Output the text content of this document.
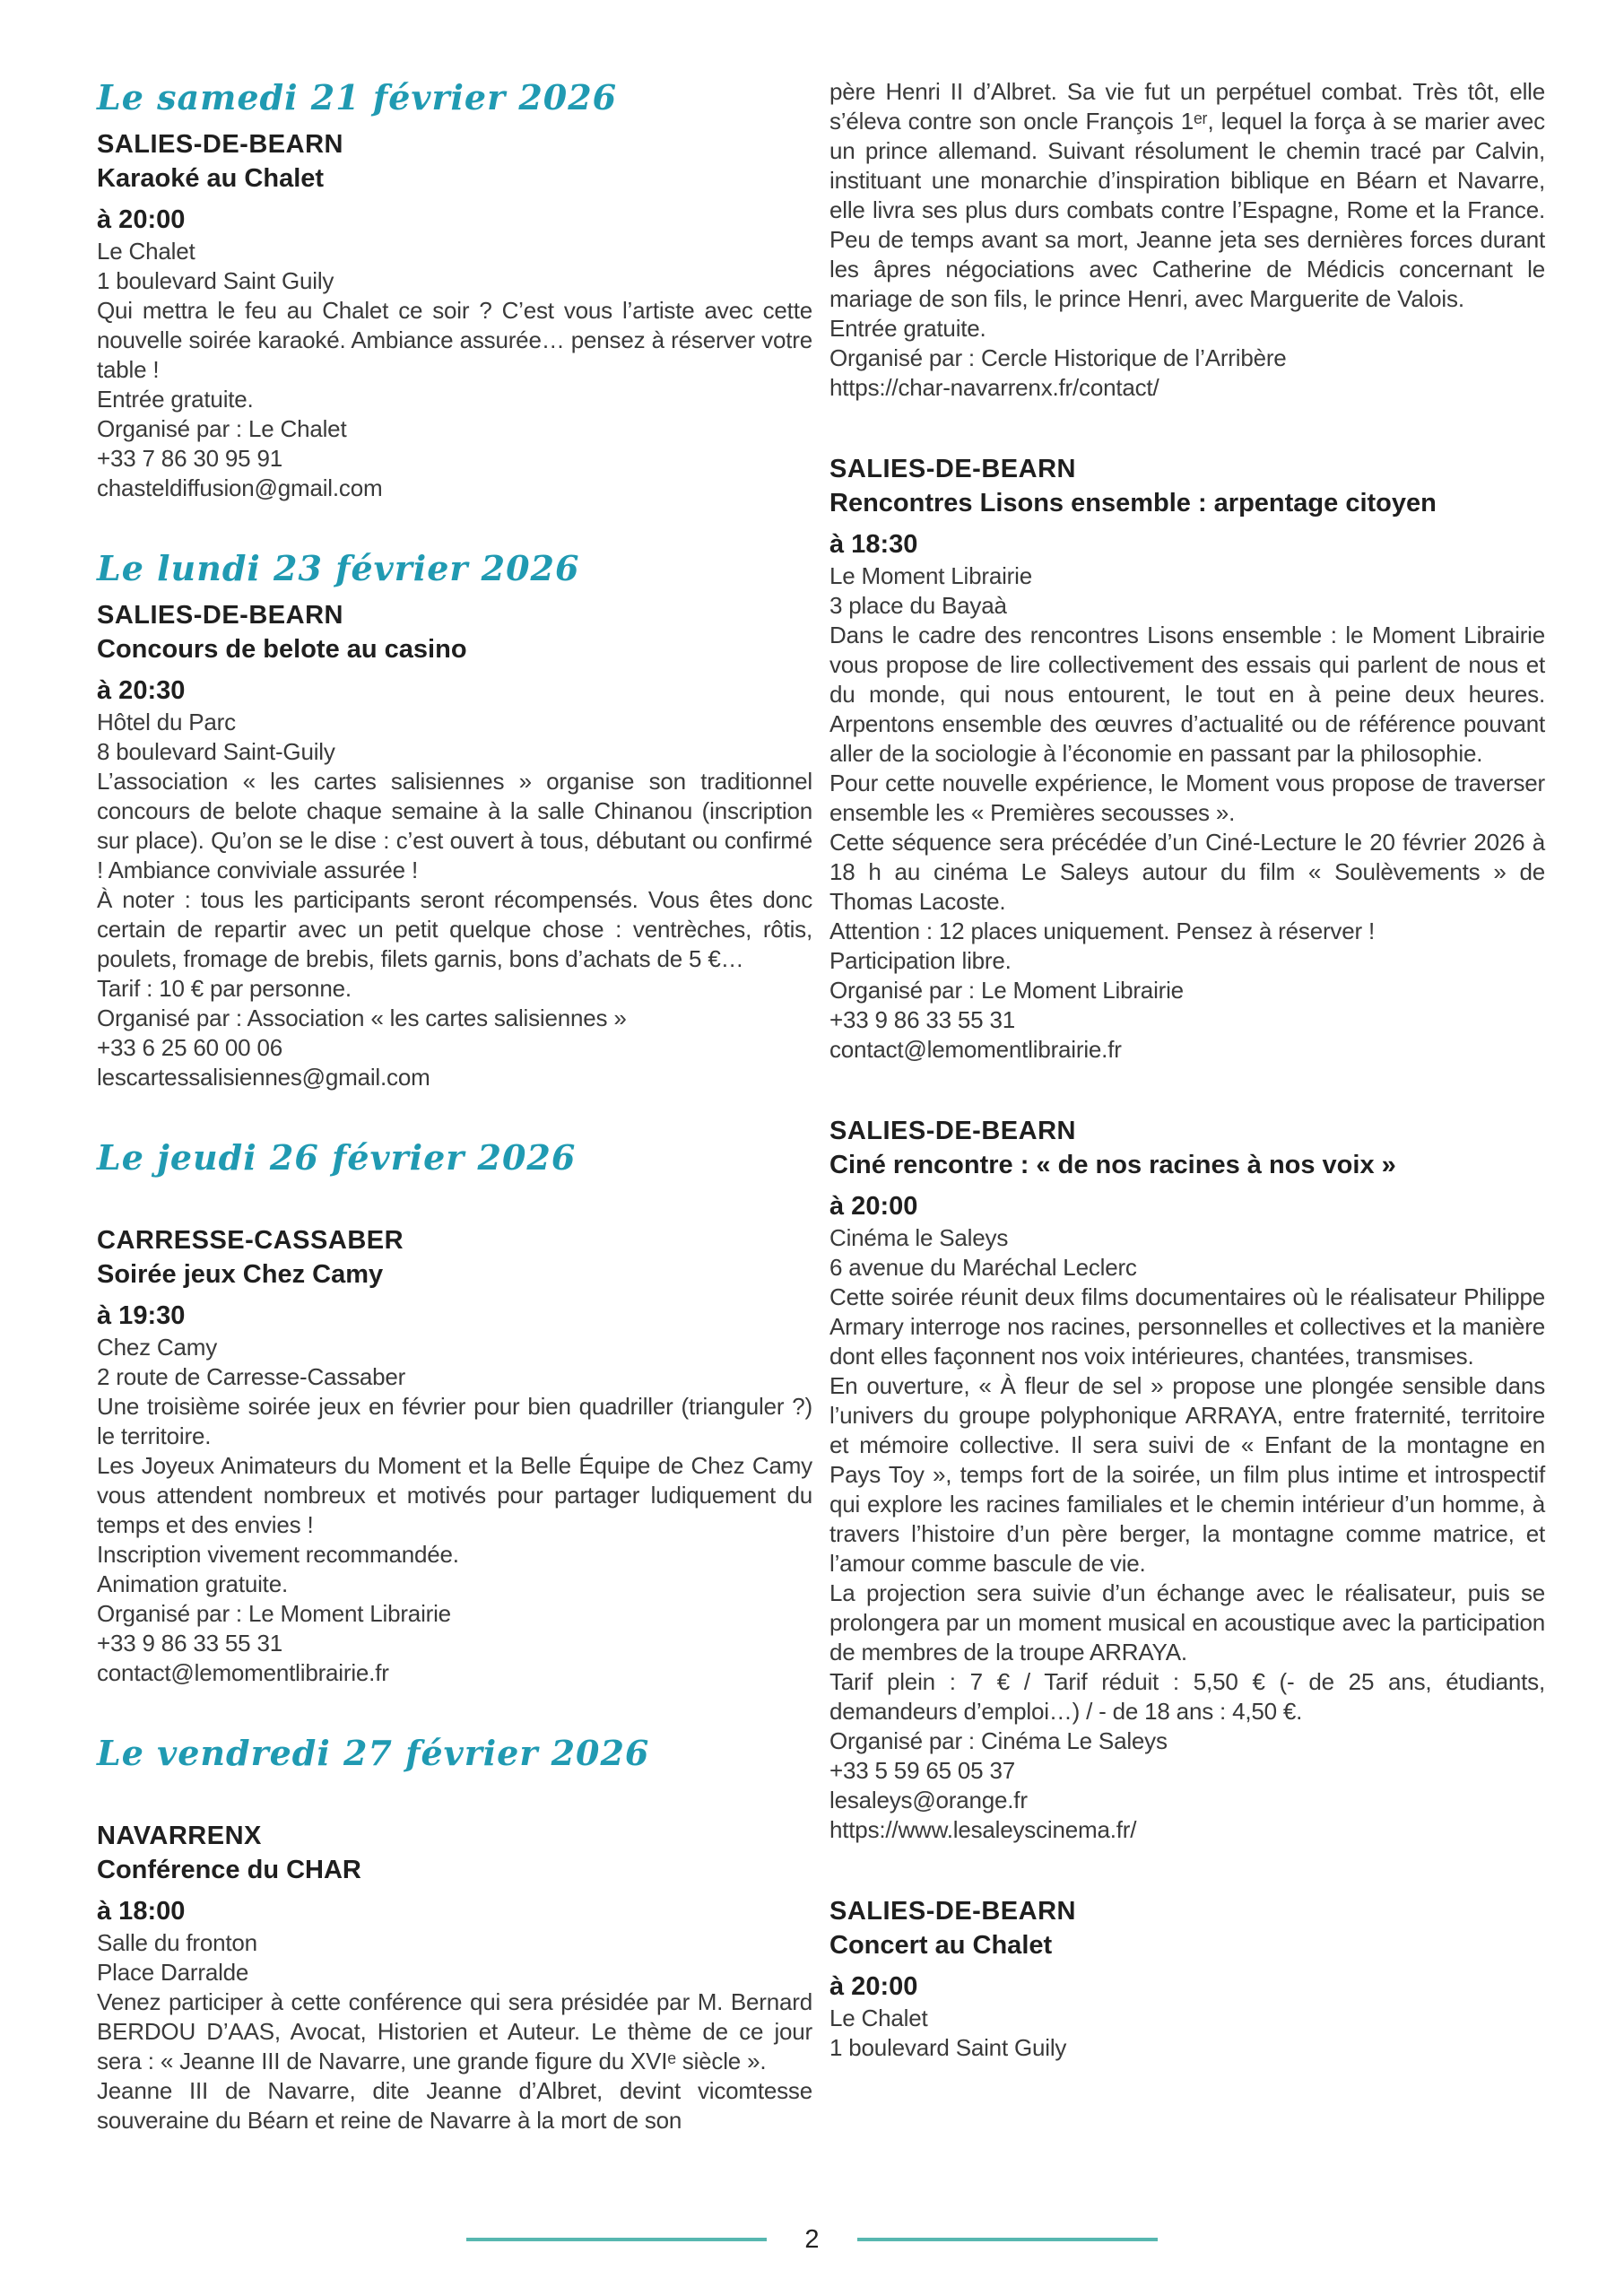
Le samedi 21 février 2026
SALIES-DE-BEARN
Karaoké au Chalet
à 20:00
Le Chalet
1 boulevard Saint Guily
Qui mettra le feu au Chalet ce soir ? C’est vous l’artiste avec cette nouvelle soirée karaoké. Ambiance assurée… pensez à réserver votre table !
Entrée gratuite.
Organisé par : Le Chalet
+33 7 86 30 95 91
chasteldiffusion@gmail.com
Le lundi 23 février 2026
SALIES-DE-BEARN
Concours de belote au casino
à 20:30
Hôtel du Parc
8 boulevard Saint-Guily
L’association « les cartes salisiennes » organise son traditionnel concours de belote chaque semaine à la salle Chinanou (inscription sur place). Qu’on se le dise : c’est ouvert à tous, débutant ou confirmé ! Ambiance conviviale assurée !
À noter : tous les participants seront récompensés. Vous êtes donc certain de repartir avec un petit quelque chose : ventrèches, rôtis, poulets, fromage de brebis, filets garnis, bons d’achats de 5 €…
Tarif : 10 € par personne.
Organisé par : Association « les cartes salisiennes »
+33 6 25 60 00 06
lescartessalisiennes@gmail.com
Le jeudi 26 février 2026
CARRESSE-CASSABER
Soirée jeux Chez Camy
à 19:30
Chez Camy
2 route de Carresse-Cassaber
Une troisième soirée jeux en février pour bien quadriller (trianguler ?) le territoire.
Les Joyeux Animateurs du Moment et la Belle Équipe de Chez Camy vous attendent nombreux et motivés pour partager ludiquement du temps et des envies !
Inscription vivement recommandée.
Animation gratuite.
Organisé par : Le Moment Librairie
+33 9 86 33 55 31
contact@lemomentlibrairie.fr
Le vendredi 27 février 2026
NAVARRENX
Conférence du CHAR
à 18:00
Salle du fronton
Place Darralde
Venez participer à cette conférence qui sera présidée par M. Bernard BERDOU D’AAS, Avocat, Historien et Auteur. Le thème de ce jour sera : « Jeanne III de Navarre, une grande figure du XVIᵉ siècle ».
Jeanne III de Navarre, dite Jeanne d’Albret, devint vicomtesse souveraine du Béarn et reine de Navarre à la mort de son
père Henri II d’Albret. Sa vie fut un perpétuel combat. Très tôt, elle s’éleva contre son oncle François 1ᵉʳ, lequel la força à se marier avec un prince allemand. Suivant résolument le chemin tracé par Calvin, instituant une monarchie d’inspiration biblique en Béarn et Navarre, elle livra ses plus durs combats contre l’Espagne, Rome et la France. Peu de temps avant sa mort, Jeanne jeta ses dernières forces durant les âpres négociations avec Catherine de Médicis concernant le mariage de son fils, le prince Henri, avec Marguerite de Valois.
Entrée gratuite.
Organisé par : Cercle Historique de l’Arribère
https://char-navarrenx.fr/contact/
SALIES-DE-BEARN
Rencontres Lisons ensemble : arpentage citoyen
à 18:30
Le Moment Librairie
3 place du Bayaà
Dans le cadre des rencontres Lisons ensemble : le Moment Librairie vous propose de lire collectivement des essais qui parlent de nous et du monde, qui nous entourent, le tout en à peine deux heures. Arpentons ensemble des œuvres d’actualité ou de référence pouvant aller de la sociologie à l’économie en passant par la philosophie.
Pour cette nouvelle expérience, le Moment vous propose de traverser ensemble les « Premières secousses ».
Cette séquence sera précédée d’un Ciné-Lecture le 20 février 2026 à 18 h au cinéma Le Saleys autour du film « Soulèvements » de Thomas Lacoste.
Attention : 12 places uniquement. Pensez à réserver !
Participation libre.
Organisé par : Le Moment Librairie
+33 9 86 33 55 31
contact@lemomentlibrairie.fr
SALIES-DE-BEARN
Ciné rencontre : « de nos racines à nos voix »
à 20:00
Cinéma le Saleys
6 avenue du Maréchal Leclerc
Cette soirée réunit deux films documentaires où le réalisateur Philippe Armary interroge nos racines, personnelles et collectives et la manière dont elles façonnent nos voix intérieures, chantées, transmises.
En ouverture, « À fleur de sel » propose une plongée sensible dans l’univers du groupe polyphonique ARRAYA, entre fraternité, territoire et mémoire collective. Il sera suivi de « Enfant de la montagne en Pays Toy », temps fort de la soirée, un film plus intime et introspectif qui explore les racines familiales et le chemin intérieur d’un homme, à travers l’histoire d’un père berger, la montagne comme matrice, et l’amour comme bascule de vie.
La projection sera suivie d’un échange avec le réalisateur, puis se prolongera par un moment musical en acoustique avec la participation de membres de la troupe ARRAYA.
Tarif plein : 7 € / Tarif réduit : 5,50 € (- de 25 ans, étudiants, demandeurs d’emploi…) / - de 18 ans : 4,50 €.
Organisé par : Cinéma Le Saleys
+33 5 59 65 05 37
lesaleys@orange.fr
https://www.lesaleyscinema.fr/
SALIES-DE-BEARN
Concert au Chalet
à 20:00
Le Chalet
1 boulevard Saint Guily
2
